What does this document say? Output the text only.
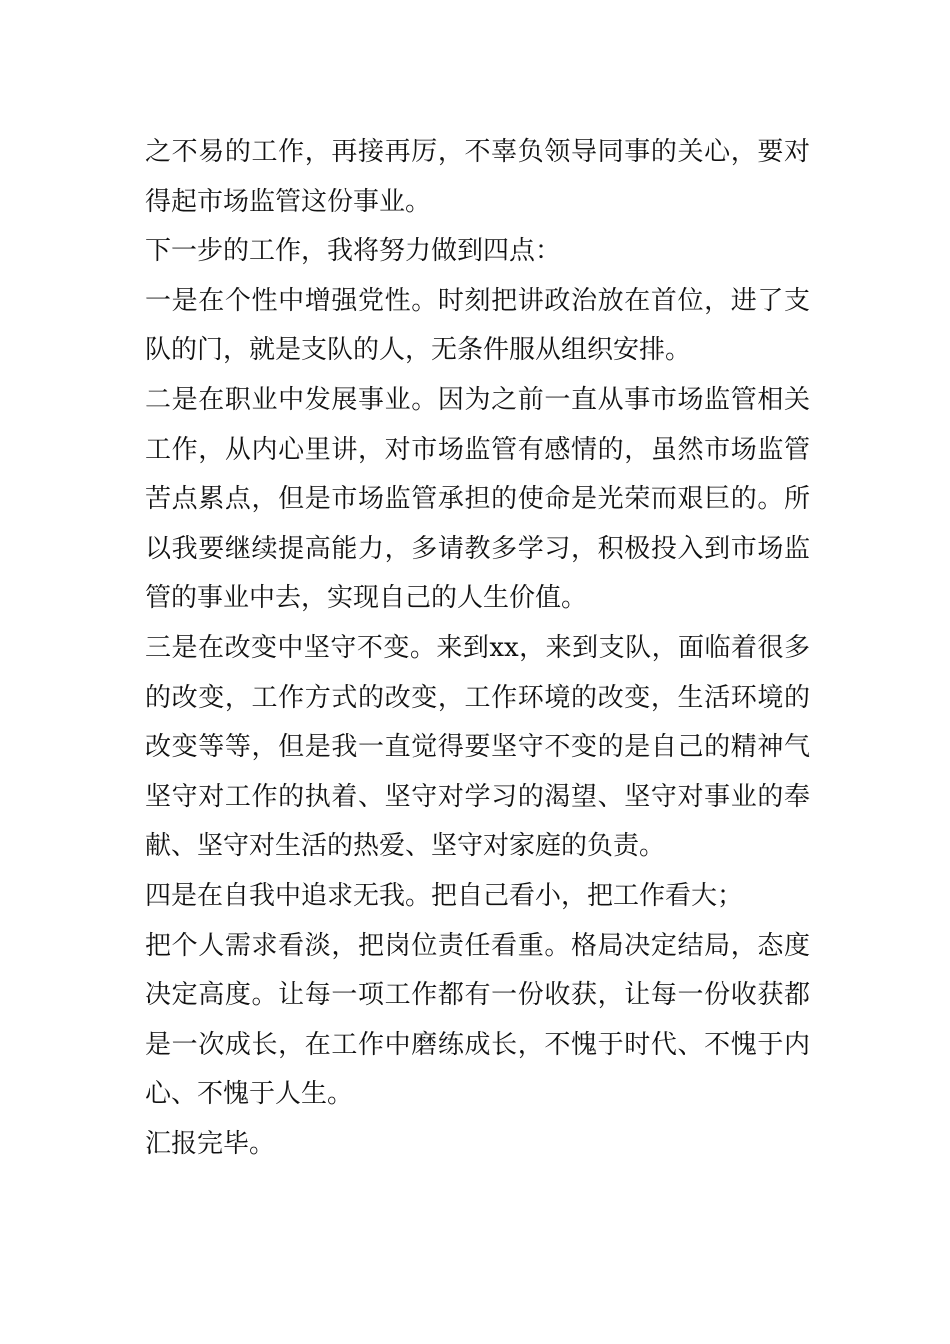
之不易的工作，再接再厉，不辜负领导同事的关心，要对得起市场监管这份事业。

下一步的工作，我将努力做到四点：

一是在个性中增强党性。时刻把讲政治放在首位，进了支队的门，就是支队的人，无条件服从组织安排。

二是在职业中发展事业。因为之前一直从事市场监管相关工作，从内心里讲，对市场监管有感情的，虽然市场监管苦点累点，但是市场监管承担的使命是光荣而艰巨的。所以我要继续提高能力，多请教多学习，积极投入到市场监管的事业中去，实现自己的人生价值。

三是在改变中坚守不变。来到xx，来到支队，面临着很多的改变，工作方式的改变，工作环境的改变，生活环境的改变等等，但是我一直觉得要坚守不变的是自己的精神气坚守对工作的执着、坚守对学习的渴望、坚守对事业的奉献、坚守对生活的热爱、坚守对家庭的负责。

四是在自我中追求无我。把自己看小，把工作看大；

把个人需求看淡，把岗位责任看重。格局决定结局，态度决定高度。让每一项工作都有一份收获，让每一份收获都是一次成长，在工作中磨练成长，不愧于时代、不愧于内心、不愧于人生。

汇报完毕。
